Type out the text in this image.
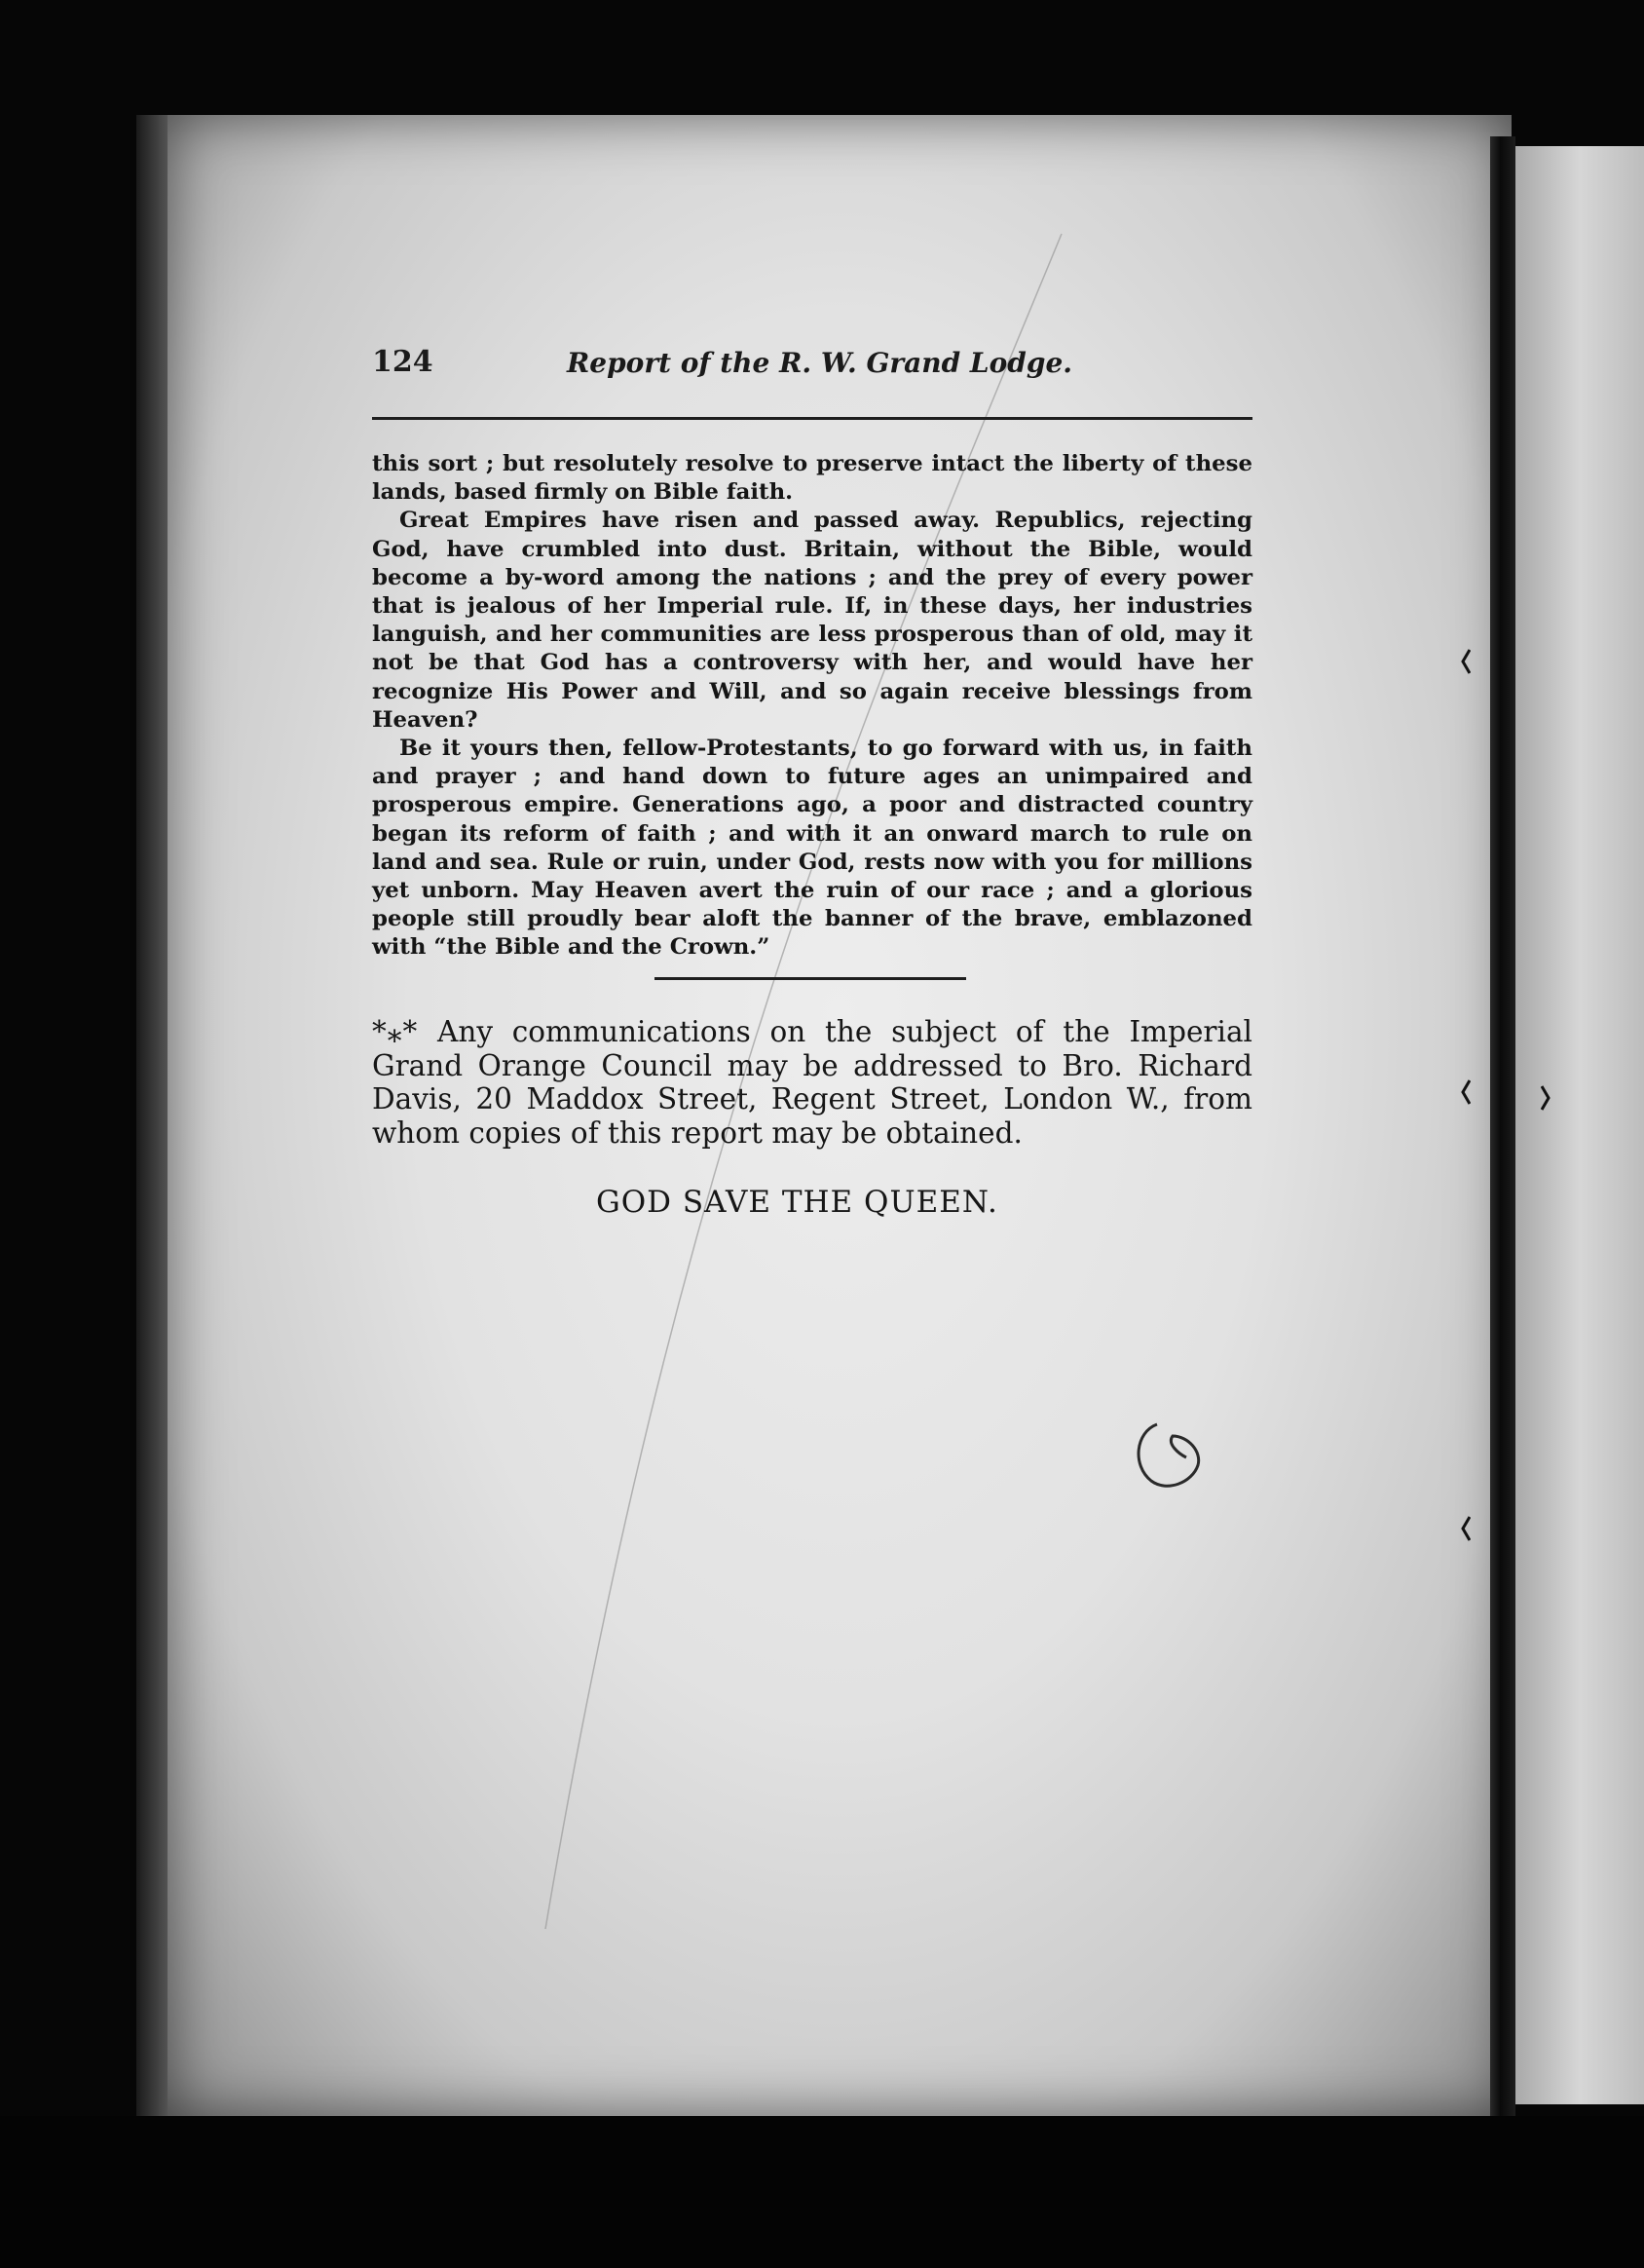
124	Report of the R. W. Grand Lodge.

this sort ; but resolutely resolve to preserve intact the liberty of these lands, based firmly on Bible faith.

Great Empires have risen and passed away. Republics, rejecting God, have crumbled into dust. Britain, without the Bible, would become a by-word among the nations ; and the prey of every power that is jealous of her Imperial rule. If, in these days, her industries languish, and her communities are less prosperous than of old, may it not be that God has a controversy with her, and would have her recognize His Power and Will, and so again receive blessings from Heaven?

Be it yours then, fellow-Protestants, to go forward with us, in faith and prayer ; and hand down to future ages an unimpaired and prosperous empire. Generations ago, a poor and distracted country began its reform of faith ; and with it an onward march to rule on land and sea. Rule or ruin, under God, rests now with you for millions yet unborn. May Heaven avert the ruin of our race ; and a glorious people still proudly bear aloft the banner of the brave, emblazoned with “the Bible and the Crown.”

*⁎* Any communications on the subject of the Imperial Grand Orange Council may be addressed to Bro. Richard Davis, 20 Maddox Street, Regent Street, London W., from whom copies of this report may be obtained.

GOD SAVE THE QUEEN.
